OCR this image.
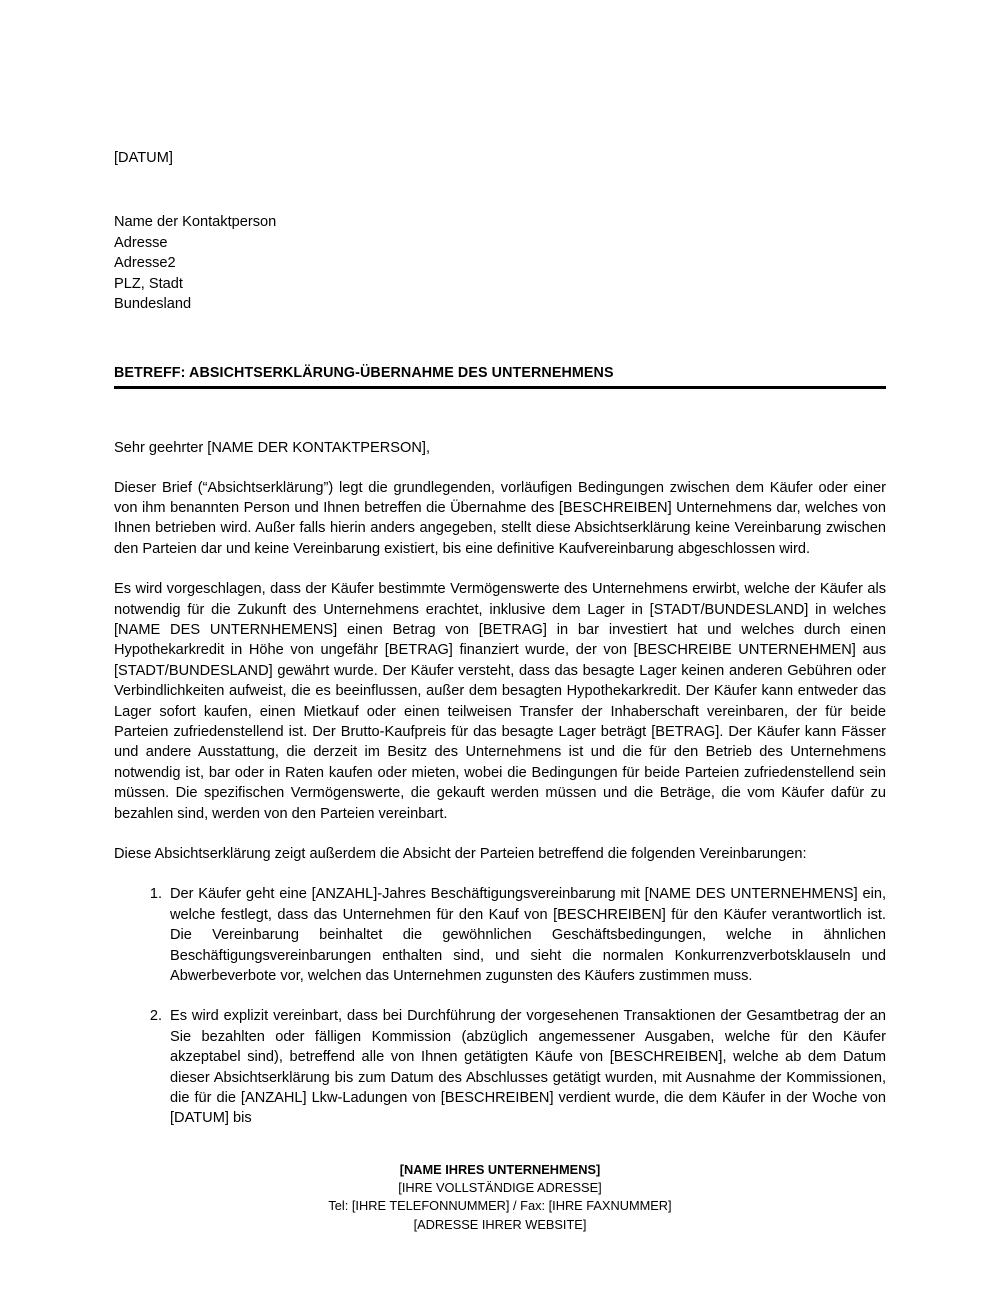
[DATUM]
Name der Kontaktperson
Adresse
Adresse2
PLZ, Stadt
Bundesland
BETREFF: ABSICHTSERKLÄRUNG-ÜBERNAHME DES UNTERNEHMENS
Sehr geehrter [NAME DER KONTAKTPERSON],

Dieser Brief (“Absichtserklärung”) legt die grundlegenden, vorläufigen Bedingungen zwischen dem Käufer oder einer von ihm benannten Person und Ihnen betreffen die Übernahme des [BESCHREIBEN] Unternehmens dar, welches von Ihnen betrieben wird. Außer falls hierin anders angegeben, stellt diese Absichtserklärung keine Vereinbarung zwischen den Parteien dar und keine Vereinbarung existiert, bis eine definitive Kaufvereinbarung abgeschlossen wird.

Es wird vorgeschlagen, dass der Käufer bestimmte Vermögenswerte des Unternehmens erwirbt, welche der Käufer als notwendig für die Zukunft des Unternehmens erachtet, inklusive dem Lager in [STADT/BUNDESLAND] in welches [NAME DES UNTERNHEMENS] einen Betrag von [BETRAG] in bar investiert hat und welches durch einen Hypothekarkredit in Höhe von ungefähr [BETRAG] finanziert wurde, der von [BESCHREIBE UNTERNEHMEN] aus [STADT/BUNDESLAND] gewährt wurde. Der Käufer versteht, dass das besagte Lager keinen anderen Gebühren oder Verbindlichkeiten aufweist, die es beeinflussen, außer dem besagten Hypothekarkredit. Der Käufer kann entweder das Lager sofort kaufen, einen Mietkauf oder einen teilweisen Transfer der Inhaberschaft vereinbaren, der für beide Parteien zufriedenstellend ist. Der Brutto-Kaufpreis für das besagte Lager beträgt [BETRAG]. Der Käufer kann Fässer und andere Ausstattung, die derzeit im Besitz des Unternehmens ist und die für den Betrieb des Unternehmens notwendig ist, bar oder in Raten kaufen oder mieten, wobei die Bedingungen für beide Parteien zufriedenstellend sein müssen. Die spezifischen Vermögenswerte, die gekauft werden müssen und die Beträge, die vom Käufer dafür zu bezahlen sind, werden von den Parteien vereinbart.

Diese Absichtserklärung zeigt außerdem die Absicht der Parteien betreffend die folgenden Vereinbarungen:

Der Käufer geht eine [ANZAHL]-Jahres Beschäftigungsvereinbarung mit [NAME DES UNTERNEHMENS] ein, welche festlegt, dass das Unternehmen für den Kauf von [BESCHREIBEN] für den Käufer verantwortlich ist. Die Vereinbarung beinhaltet die gewöhnlichen Geschäftsbedingungen, welche in ähnlichen Beschäftigungsvereinbarungen enthalten sind, und sieht die normalen Konkurrenzverbotsklauseln und Abwerbeverbote vor, welchen das Unternehmen zugunsten des Käufers zustimmen muss.
Es wird explizit vereinbart, dass bei Durchführung der vorgesehenen Transaktionen der Gesamtbetrag der an Sie bezahlten oder fälligen Kommission (abzüglich angemessener Ausgaben, welche für den Käufer akzeptabel sind), betreffend alle von Ihnen getätigten Käufe von [BESCHREIBEN], welche ab dem Datum dieser Absichtserklärung bis zum Datum des Abschlusses getätigt wurden, mit Ausnahme der Kommissionen, die für die [ANZAHL] Lkw-Ladungen von [BESCHREIBEN] verdient wurde, die dem Käufer in der Woche von [DATUM] bis
[NAME IHRES UNTERNEHMENS]
[IHRE VOLLSTÄNDIGE ADRESSE]
Tel: [IHRE TELEFONNUMMER] / Fax: [IHRE FAXNUMMER]
[ADRESSE IHRER WEBSITE]
